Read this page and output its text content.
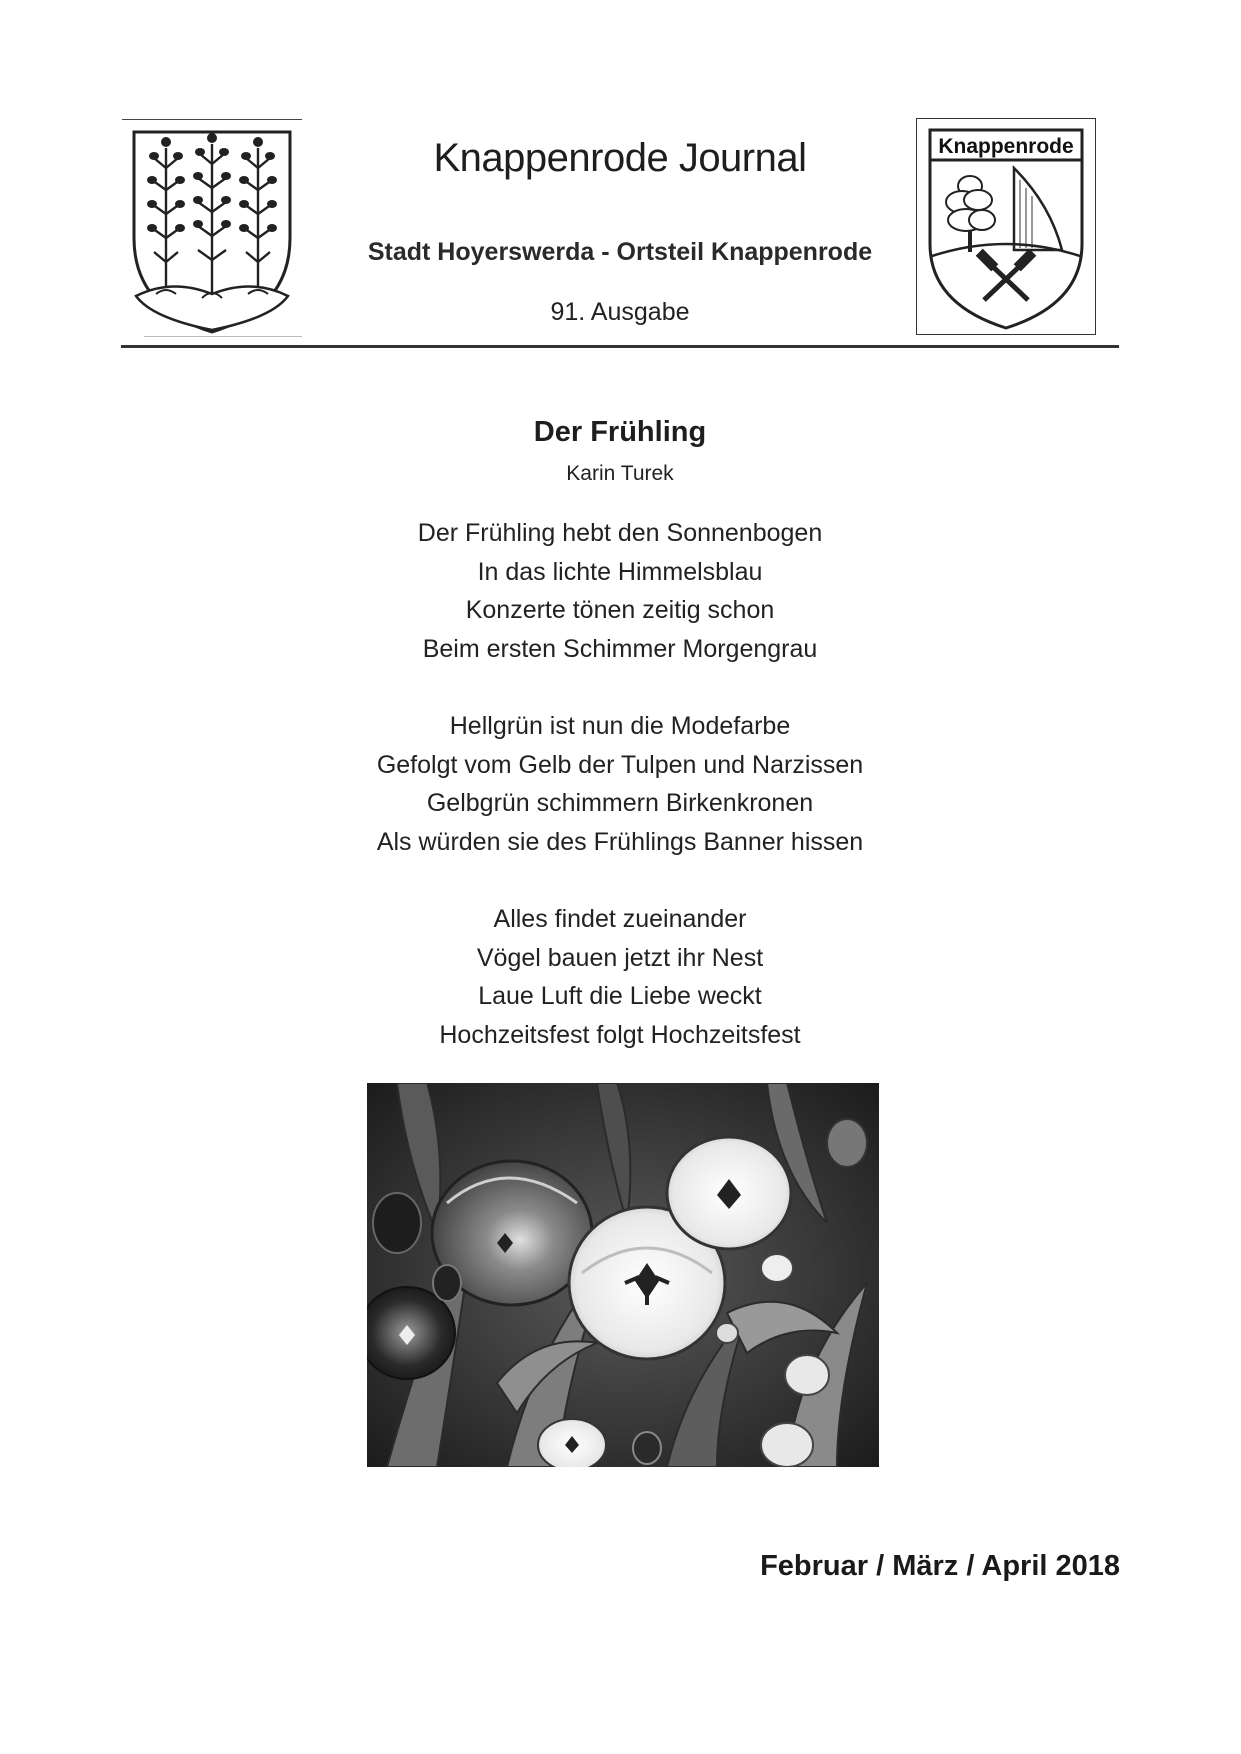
Knappenrode Journal
Stadt Hoyerswerda - Ortsteil Knappenrode
91. Ausgabe
Knappenrode
Der Frühling
Karin Turek
Der Frühling hebt den Sonnenbogen
In das lichte Himmelsblau
Konzerte tönen zeitig schon
Beim ersten Schimmer Morgengrau
Hellgrün ist nun die Modefarbe
Gefolgt vom Gelb der Tulpen und Narzissen
Gelbgrün schimmern Birkenkronen
Als würden sie des Frühlings Banner hissen
Alles findet zueinander
Vögel bauen jetzt ihr Nest
Laue Luft die Liebe weckt
Hochzeitsfest folgt Hochzeitsfest
Februar / März / April 2018
